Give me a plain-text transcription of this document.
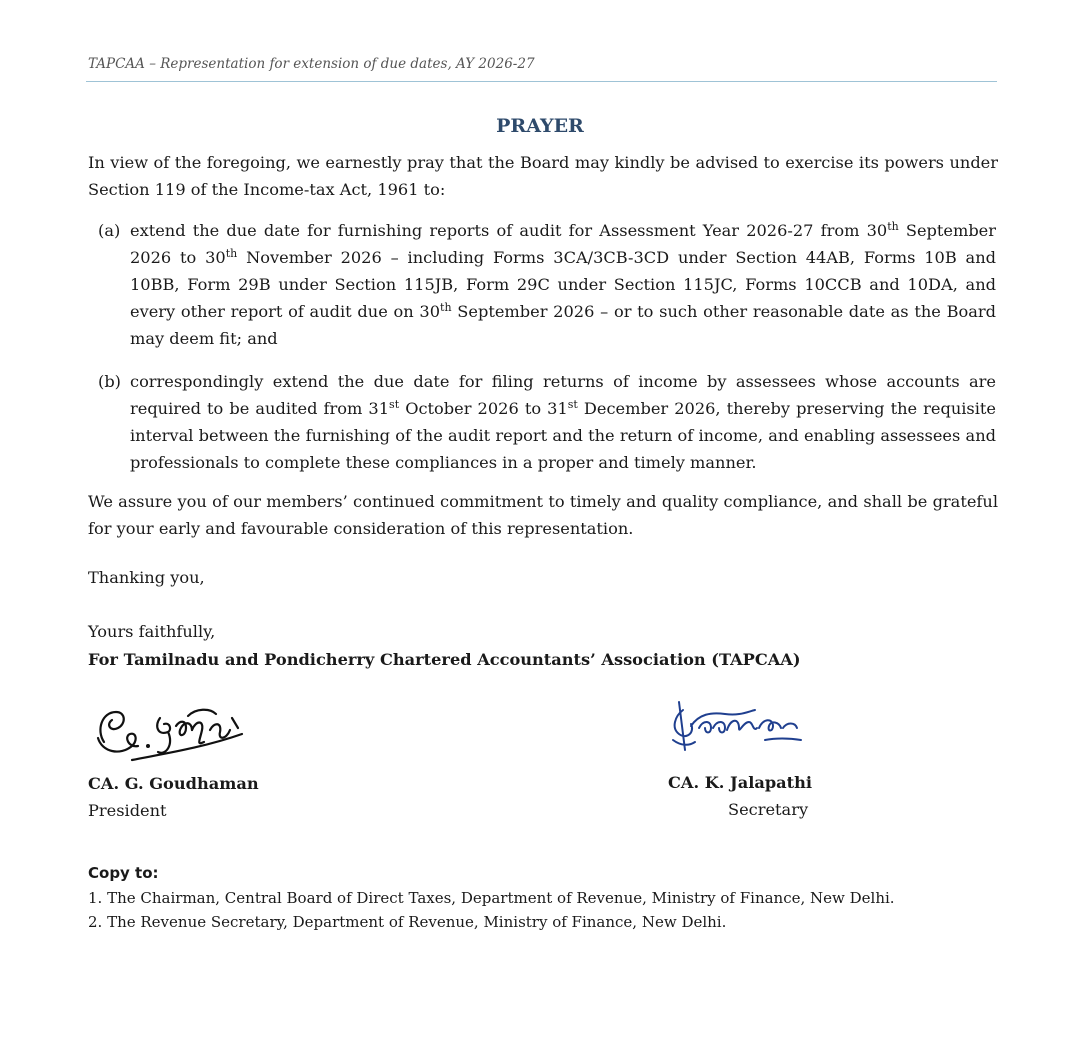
TAPCAA – Representation for extension of due dates, AY 2026-27
PRAYER
In view of the foregoing, we earnestly pray that the Board may kindly be advised to exercise its powers under Section 119 of the Income-tax Act, 1961 to:
(a) extend the due date for furnishing reports of audit for Assessment Year 2026-27 from 30th September 2026 to 30th November 2026 – including Forms 3CA/3CB-3CD under Section 44AB, Forms 10B and 10BB, Form 29B under Section 115JB, Form 29C under Section 115JC, Forms 10CCB and 10DA, and every other report of audit due on 30th September 2026 – or to such other reasonable date as the Board may deem fit; and
(b) correspondingly extend the due date for filing returns of income by assessees whose accounts are required to be audited from 31st October 2026 to 31st December 2026, thereby preserving the requisite interval between the furnishing of the audit report and the return of income, and enabling assessees and professionals to complete these compliances in a proper and timely manner.
We assure you of our members’ continued commitment to timely and quality compliance, and shall be grateful for your early and favourable consideration of this representation.
Thanking you,
Yours faithfully,
For Tamilnadu and Pondicherry Chartered Accountants’ Association (TAPCAA)
CA. G. Goudhaman
President
CA. K. Jalapathi
Secretary
Copy to:
1. The Chairman, Central Board of Direct Taxes, Department of Revenue, Ministry of Finance, New Delhi.
2. The Revenue Secretary, Department of Revenue, Ministry of Finance, New Delhi.
